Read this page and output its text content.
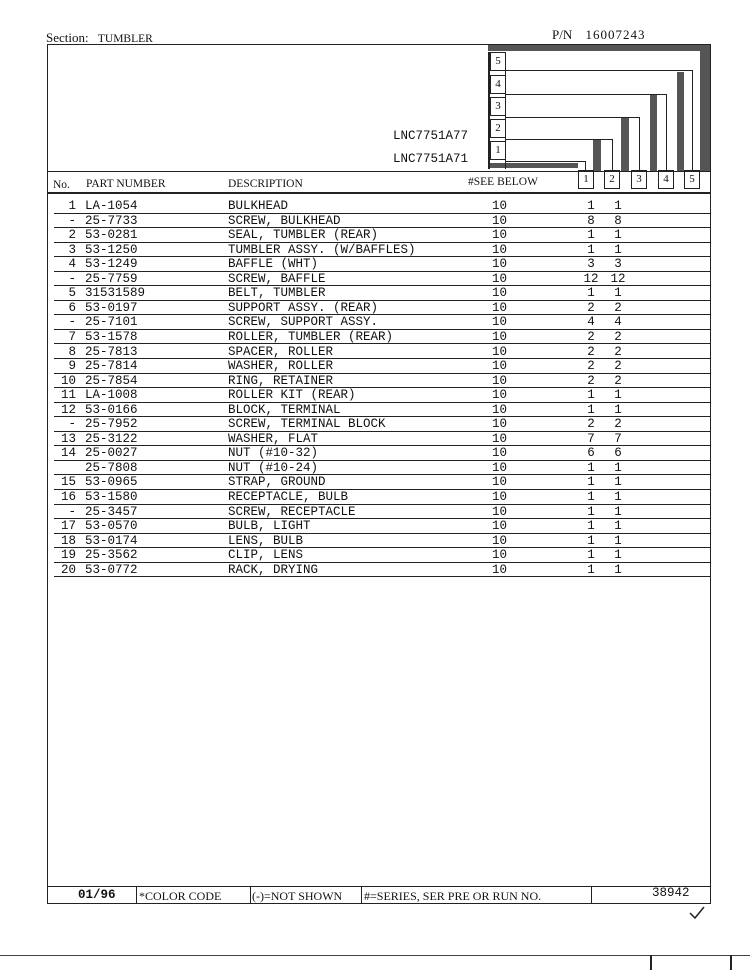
Section: TUMBLER	P/N 16007243
5
4
3
2
1
LNC7751A77
LNC7751A71
1	2	3	4	5
No. PART NUMBER	DESCRIPTION	#SEE BELOW
1 LA-1054	BULKHEAD	10	1	1
- 25-7733	SCREW, BULKHEAD	10	8	8
2 53-0281	SEAL, TUMBLER (REAR)	10	1	1
3 53-1250	TUMBLER ASSY. (W/BAFFLES)	10	1	1
4 53-1249	BAFFLE (WHT)	10	3	3
- 25-7759	SCREW, BAFFLE	10	12 12
5 31531589	BELT, TUMBLER	10	1	1
6 53-0197	SUPPORT ASSY. (REAR)	10	2	2
- 25-7101	SCREW, SUPPORT ASSY.	10	4	4
7 53-1578	ROLLER, TUMBLER (REAR)	10	2	2
8 25-7813	SPACER, ROLLER	10	2	2
9 25-7814	WASHER, ROLLER	10	2	2
10 25-7854	RING, RETAINER	10	2	2
11 LA-1008	ROLLER KIT (REAR)	10	1	1
12 53-0166	BLOCK, TERMINAL	10	1	1
- 25-7952	SCREW, TERMINAL BLOCK	10	2	2
13 25-3122	WASHER, FLAT	10	7	7
14 25-0027	NUT (#10-32)	10	6	6
25-7808	NUT (#10-24)	10	1	1
15 53-0965	STRAP, GROUND	10	1	1
16 53-1580	RECEPTACLE, BULB	10	1	1
- 25-3457	SCREW, RECEPTACLE	10	1	1
17 53-0570	BULB, LIGHT	10	1	1
18 53-0174	LENS, BULB	10	1	1
19 25-3562	CLIP, LENS	10	1	1
20 53-0772	RACK, DRYING	10	1	1
01/96 *COLOR CODE	(-)=NOT SHOWN #=SERIES, SER PRE OR RUN NO.	38942
